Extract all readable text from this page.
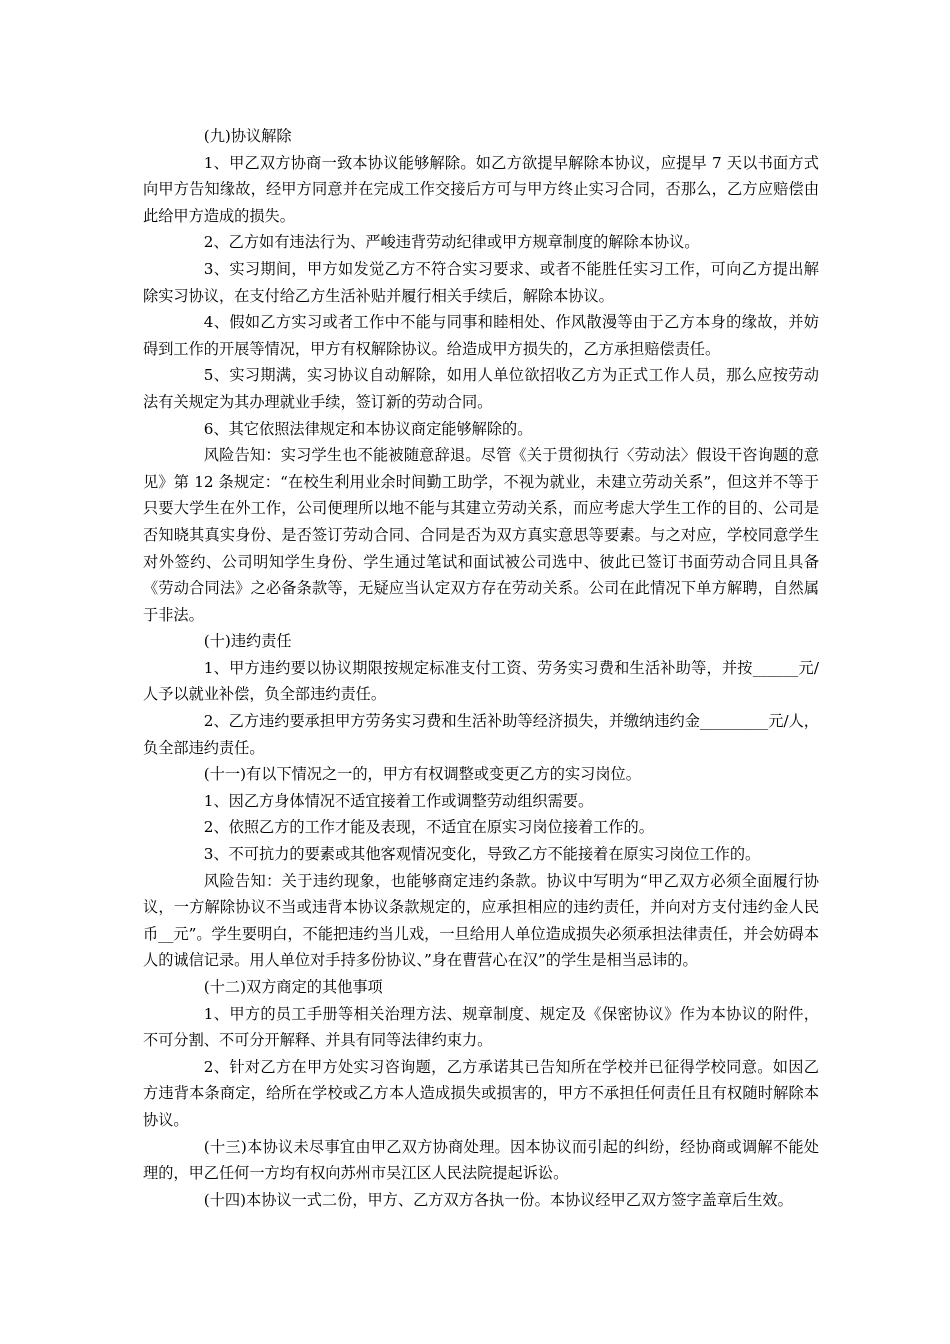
(九)协议解除

1、甲乙双方协商一致本协议能够解除。如乙方欲提早解除本协议，应提早 7 天以书面方式向甲方告知缘故，经甲方同意并在完成工作交接后方可与甲方终止实习合同，否那么，乙方应赔偿由此给甲方造成的损失。

2、乙方如有违法行为、严峻违背劳动纪律或甲方规章制度的解除本协议。

3、实习期间，甲方如发觉乙方不符合实习要求、或者不能胜任实习工作，可向乙方提出解除实习协议，在支付给乙方生活补贴并履行相关手续后，解除本协议。

4、假如乙方实习或者工作中不能与同事和睦相处、作风散漫等由于乙方本身的缘故，并妨碍到工作的开展等情况，甲方有权解除协议。给造成甲方损失的，乙方承担赔偿责任。

5、实习期满，实习协议自动解除，如用人单位欲招收乙方为正式工作人员，那么应按劳动法有关规定为其办理就业手续，签订新的劳动合同。

6、其它依照法律规定和本协议商定能够解除的。

风险告知：实习学生也不能被随意辞退。尽管《关于贯彻执行〈劳动法〉假设干咨询题的意见》第 12 条规定：“在校生利用业余时间勤工助学，不视为就业，未建立劳动关系”，但这并不等于只要大学生在外工作，公司便理所以地不能与其建立劳动关系，而应考虑大学生工作的目的、公司是否知晓其真实身份、是否签订劳动合同、合同是否为双方真实意思等要素。与之对应，学校同意学生对外签约、公司明知学生身份、学生通过笔试和面试被公司选中、彼此已签订书面劳动合同且具备《劳动合同法》之必备条款等，无疑应当认定双方存在劳动关系。公司在此情况下单方解聘，自然属于非法。

(十)违约责任

1、甲方违约要以协议期限按规定标准支付工资、劳务实习费和生活补助等，并按______元/人予以就业补偿，负全部违约责任。

2、乙方违约要承担甲方劳务实习费和生活补助等经济损失，并缴纳违约金_________元/人，负全部违约责任。

(十一)有以下情况之一的，甲方有权调整或变更乙方的实习岗位。

1、因乙方身体情况不适宜接着工作或调整劳动组织需要。

2、依照乙方的工作才能及表现，不适宜在原实习岗位接着工作的。

3、不可抗力的要素或其他客观情况变化，导致乙方不能接着在原实习岗位工作的。

风险告知：关于违约现象，也能够商定违约条款。协议中写明为“甲乙双方必须全面履行协议，一方解除协议不当或违背本协议条款规定的，应承担相应的违约责任，并向对方支付违约金人民币__元”。学生要明白，不能把违约当儿戏，一旦给用人单位造成损失必须承担法律责任，并会妨碍本人的诚信记录。用人单位对手持多份协议、”身在曹营心在汉”的学生是相当忌讳的。

(十二)双方商定的其他事项

1、甲方的员工手册等相关治理方法、规章制度、规定及《保密协议》作为本协议的附件，不可分割、不可分开解释、并具有同等法律约束力。

2、针对乙方在甲方处实习咨询题，乙方承诺其已告知所在学校并已征得学校同意。如因乙方违背本条商定，给所在学校或乙方本人造成损失或损害的，甲方不承担任何责任且有权随时解除本协议。

(十三)本协议未尽事宜由甲乙双方协商处理。因本协议而引起的纠纷，经协商或调解不能处理的，甲乙任何一方均有权向苏州市吴江区人民法院提起诉讼。

(十四)本协议一式二份，甲方、乙方双方各执一份。本协议经甲乙双方签字盖章后生效。
